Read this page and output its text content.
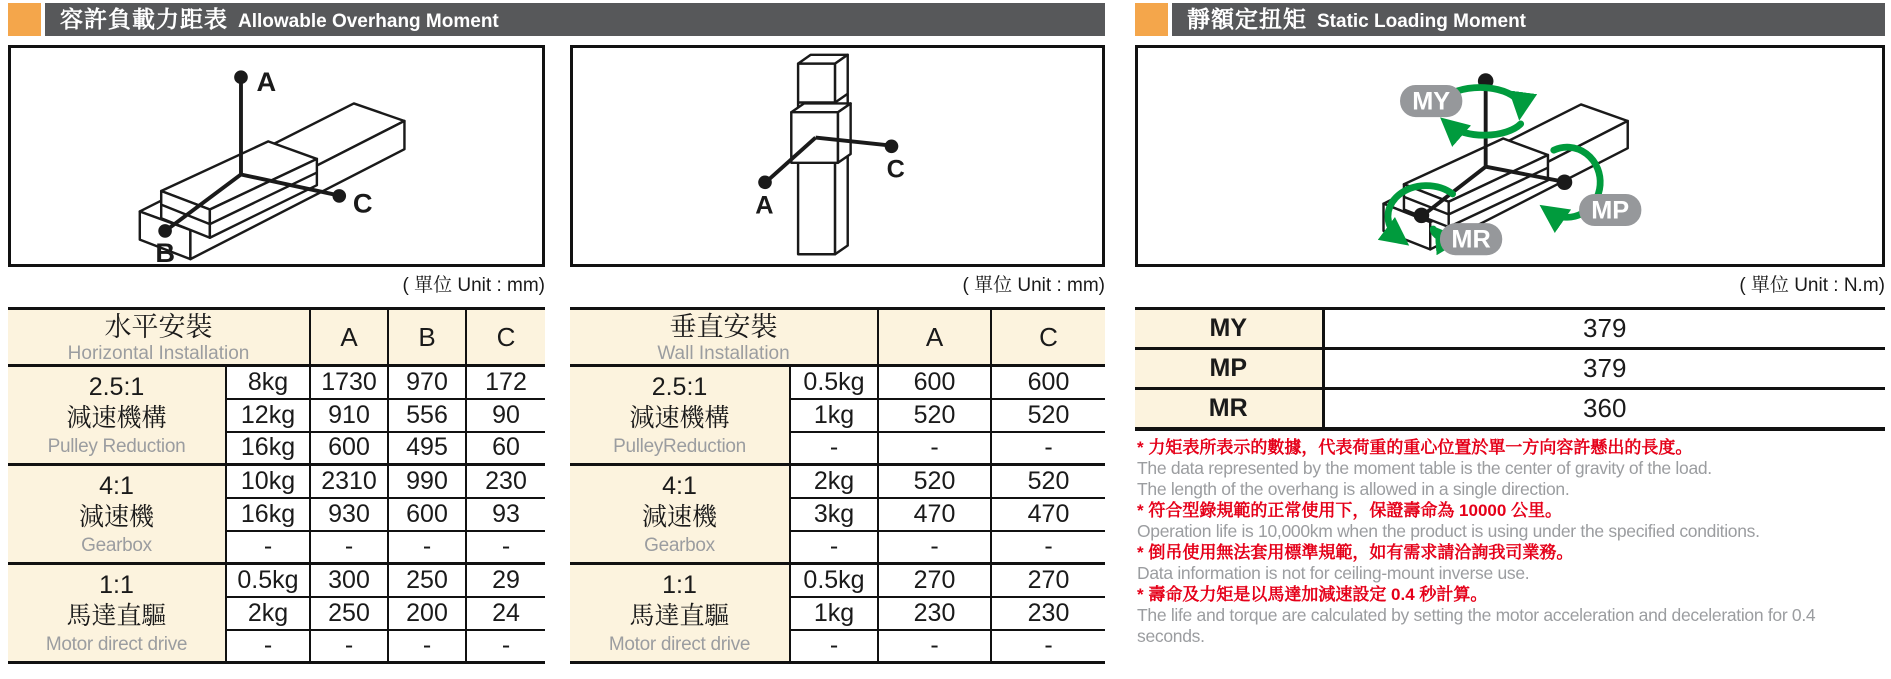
容許負載力距表 Allowable Overhang Moment	靜額定扭矩 Static Loading Moment
A
C
B
A
C
MY
MP
MR
( 單位 Unit : mm)	( 單位 Unit : mm)	( 單位 Unit : N.m)
水平安裝
Horizontal Installation		A	B	C

2.5:1
減速機構
Pulley Reduction	8kg	1730	970	172
	12kg	910	556	90
	16kg	600	495	60

4:1
減速機
Gearbox	10kg	2310	990	230
	16kg	930	600	93
	-	-	-	-

1:1
馬達直驅
Motor direct drive	0.5kg	300	250	29
	2kg	250	200	24
	-	-	-	-
垂直安裝
Wall Installation		A	C

2.5:1
減速機構
PulleyReduction	0.5kg	600	600
	1kg	520	520
	-	-	-

4:1
減速機
Gearbox	2kg	520	520
	3kg	470	470
	-	-	-

1:1
馬達直驅
Motor direct drive	0.5kg	270	270
	1kg	230	230
	-	-	-
MY	379
MP	379
MR	360
* 力矩表所表示的數據，代表荷重的重心位置於單一方向容許懸出的長度。
The data represented by the moment table is the center of gravity of the load.
The length of the overhang is allowed in a single direction.
* 符合型錄規範的正常使用下，保證壽命為 10000 公里。
Operation life is 10,000km when the product is using under the specified conditions.
* 倒吊使用無法套用標準規範，如有需求請洽詢我司業務。
Data information is not for ceiling-mount inverse use.
* 壽命及力矩是以馬達加減速設定 0.4 秒計算。
The life and torque are calculated by setting the motor acceleration and deceleration for 0.4 seconds.
